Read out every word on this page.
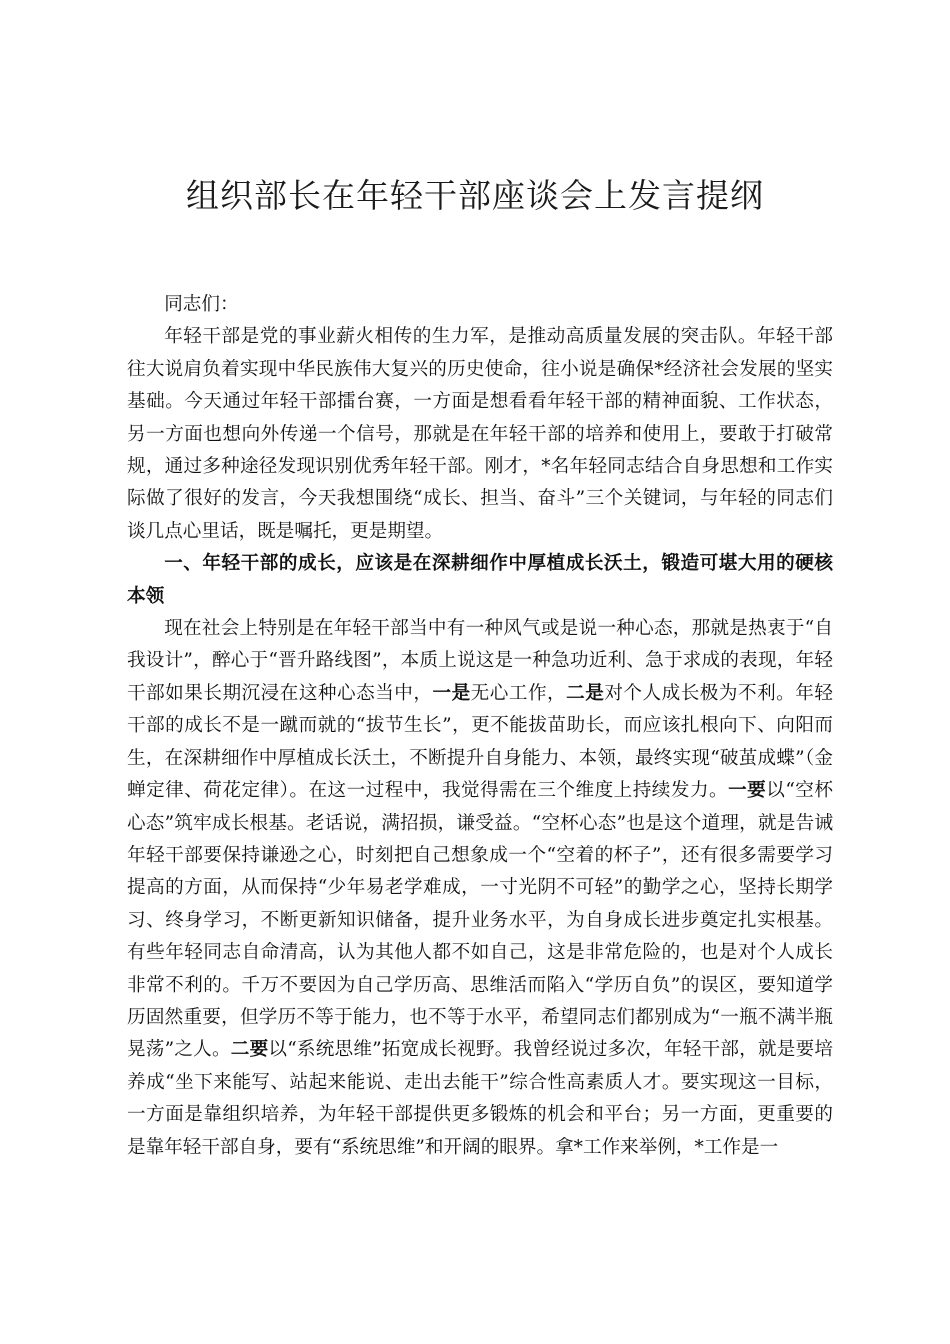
组织部长在年轻干部座谈会上发言提纲

同志们：

年轻干部是党的事业薪火相传的生力军，是推动高质量发展的突击队。年轻干部往大说肩负着实现中华民族伟大复兴的历史使命，往小说是确保*经济社会发展的坚实基础。今天通过年轻干部擂台赛，一方面是想看看年轻干部的精神面貌、工作状态，另一方面也想向外传递一个信号，那就是在年轻干部的培养和使用上，要敢于打破常规，通过多种途径发现识别优秀年轻干部。刚才，*名年轻同志结合自身思想和工作实际做了很好的发言，今天我想围绕“成长、担当、奋斗”三个关键词，与年轻的同志们谈几点心里话，既是嘱托，更是期望。

一、年轻干部的成长，应该是在深耕细作中厚植成长沃土，锻造可堪大用的硬核本领

现在社会上特别是在年轻干部当中有一种风气或是说一种心态，那就是热衷于“自我设计”，醉心于“晋升路线图”，本质上说这是一种急功近利、急于求成的表现，年轻干部如果长期沉浸在这种心态当中，一是无心工作，二是对个人成长极为不利。年轻干部的成长不是一蹴而就的“拔节生长”，更不能拔苗助长，而应该扎根向下、向阳而生，在深耕细作中厚植成长沃土，不断提升自身能力、本领，最终实现“破茧成蝶”（金蝉定律、荷花定律）。在这一过程中，我觉得需在三个维度上持续发力。一要以“空杯心态”筑牢成长根基。老话说，满招损，谦受益。“空杯心态”也是这个道理，就是告诫年轻干部要保持谦逊之心，时刻把自己想象成一个“空着的杯子”，还有很多需要学习提高的方面，从而保持“少年易老学难成，一寸光阴不可轻”的勤学之心，坚持长期学习、终身学习，不断更新知识储备，提升业务水平，为自身成长进步奠定扎实根基。有些年轻同志自命清高，认为其他人都不如自己，这是非常危险的，也是对个人成长非常不利的。千万不要因为自己学历高、思维活而陷入“学历自负”的误区，要知道学历固然重要，但学历不等于能力，也不等于水平，希望同志们都别成为“一瓶不满半瓶晃荡”之人。二要以“系统思维”拓宽成长视野。我曾经说过多次，年轻干部，就是要培养成“坐下来能写、站起来能说、走出去能干”综合性高素质人才。要实现这一目标，一方面是靠组织培养，为年轻干部提供更多锻炼的机会和平台；另一方面，更重要的是靠年轻干部自身，要有“系统思维”和开阔的眼界。拿*工作来举例，*工作是一
